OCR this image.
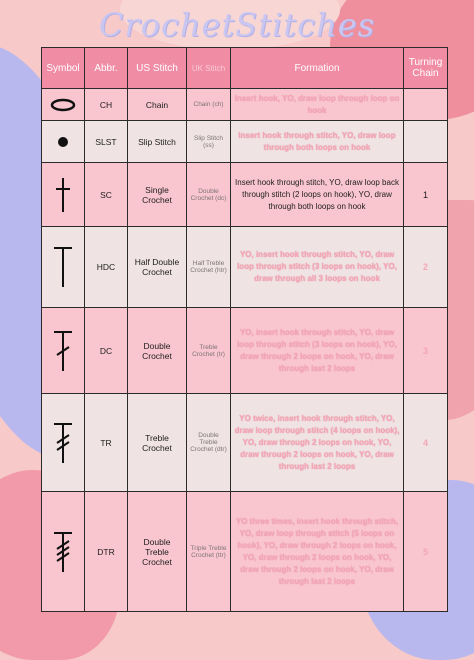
CrochetStitches
Symbol	Abbr.	US Stitch	UK Stitch	Formation	Turning Chain

	CH	Chain	Chain (ch)	Insert hook, YO, draw loop through loop on hook	

	SLST	Slip Stitch	Slip Stitch (ss)	Insert hook through stitch, YO, draw loop through both loops on hook	

	SC	Single Crochet	Double Crochet (dc)	Insert hook through stitch, YO, draw loop back through stitch (2 loops on hook), YO, draw through both loops on hook	1

	HDC	Half Double Crochet	Half Treble Crochet (htr)	YO, insert hook through stitch, YO, draw loop through stitch (3 loops on hook), YO, draw through all 3 loops on hook	2

	DC	Double Crochet	Treble Crochet (tr)	YO, insert hook through stitch, YO, draw loop through stitch (3 loops on hook), YO, draw through 2 loops on hook, YO, draw through last 2 loops	3

	TR	Treble Crochet	Double Treble Crochet (dtr)	YO twice, insert hook through stitch, YO, draw loop through stitch (4 loops on hook), YO, draw through 2 loops on hook, YO, draw through 2 loops on hook, YO, draw through last 2 loops	4

	DTR	Double Treble Crochet	Triple Treble Crochet (ttr)	YO three times, insert hook through stitch, YO, draw loop through stitch (5 loops on hook), YO, draw through 2 loops on hook, YO, draw through 2 loops on hook, YO, draw through 2 loops on hook, YO, draw through last 2 loops	5
